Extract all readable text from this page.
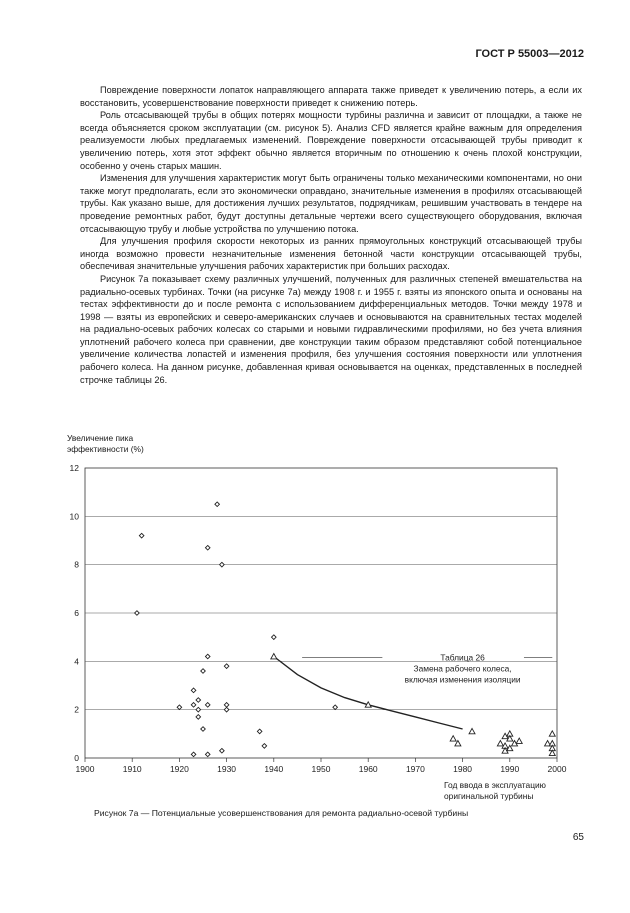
ГОСТ Р 55003—2012

Повреждение поверхности лопаток направляющего аппарата также приведет к увеличению потерь, а если их восстановить, усовершенствование поверхности приведет к снижению потерь.

Роль отсасывающей трубы в общих потерях мощности турбины различна и зависит от площадки, а также не всегда объясняется сроком эксплуатации (см. рисунок 5). Анализ CFD является крайне важным для определения реализуемости любых предлагаемых изменений. Повреждение поверхности отсасывающей трубы приводит к увеличению потерь, хотя этот эффект обычно является вторичным по отношению к очень плохой конструкции, особенно у очень старых машин.

Изменения для улучшения характеристик могут быть ограничены только механическими компонентами, но они также могут предполагать, если это экономически оправдано, значительные изменения в профилях отсасывающей трубы. Как указано выше, для достижения лучших результатов, подрядчикам, решившим участвовать в тендере на проведение ремонтных работ, будут доступны детальные чертежи всего существующего оборудования, включая отсасывающую трубу и любые устройства по улучшению потока.

Для улучшения профиля скорости некоторых из ранних прямоугольных конструкций отсасывающей трубы иногда возможно провести незначительные изменения бетонной части конструкции отсасывающей трубы, обеспечивая значительные улучшения рабочих характеристик при больших расходах.

Рисунок 7а показывает схему различных улучшений, полученных для различных степеней вмешательства на радиально-осевых турбинах. Точки (на рисунке 7а) между 1908 г. и 1955 г. взяты из японского опыта и основаны на тестах эффективности до и после ремонта с использованием дифференциальных методов. Точки между 1978 и 1998 — взяты из европейских и северо-американских случаев и основываются на сравнительных тестах моделей на радиально-осевых рабочих колесах со старыми и новыми гидравлическими профилями, но без учета влияния уплотнений рабочего колеса при сравнении, две конструкции таким образом представляют собой потенциальное увеличение количества лопастей и изменения профиля, без улучшения состояния поверхности или уплотнения рабочего колеса. На данном рисунке, добавленная кривая основывается на оценках, представленных в последней строчке таблицы 26.

Увеличение пика
эффективности (%)
0
2
4
6
8
10
12
1900	1910	1920	1930	1940	1950	1960	1970	1980	1990	2000
Таблица 26
Замена рабочего колеса,
включая изменения изоляции
Год ввода в эксплуатацию
оригинальной турбины
Рисунок 7а — Потенциальные усовершенствования для ремонта радиально-осевой турбины
65
